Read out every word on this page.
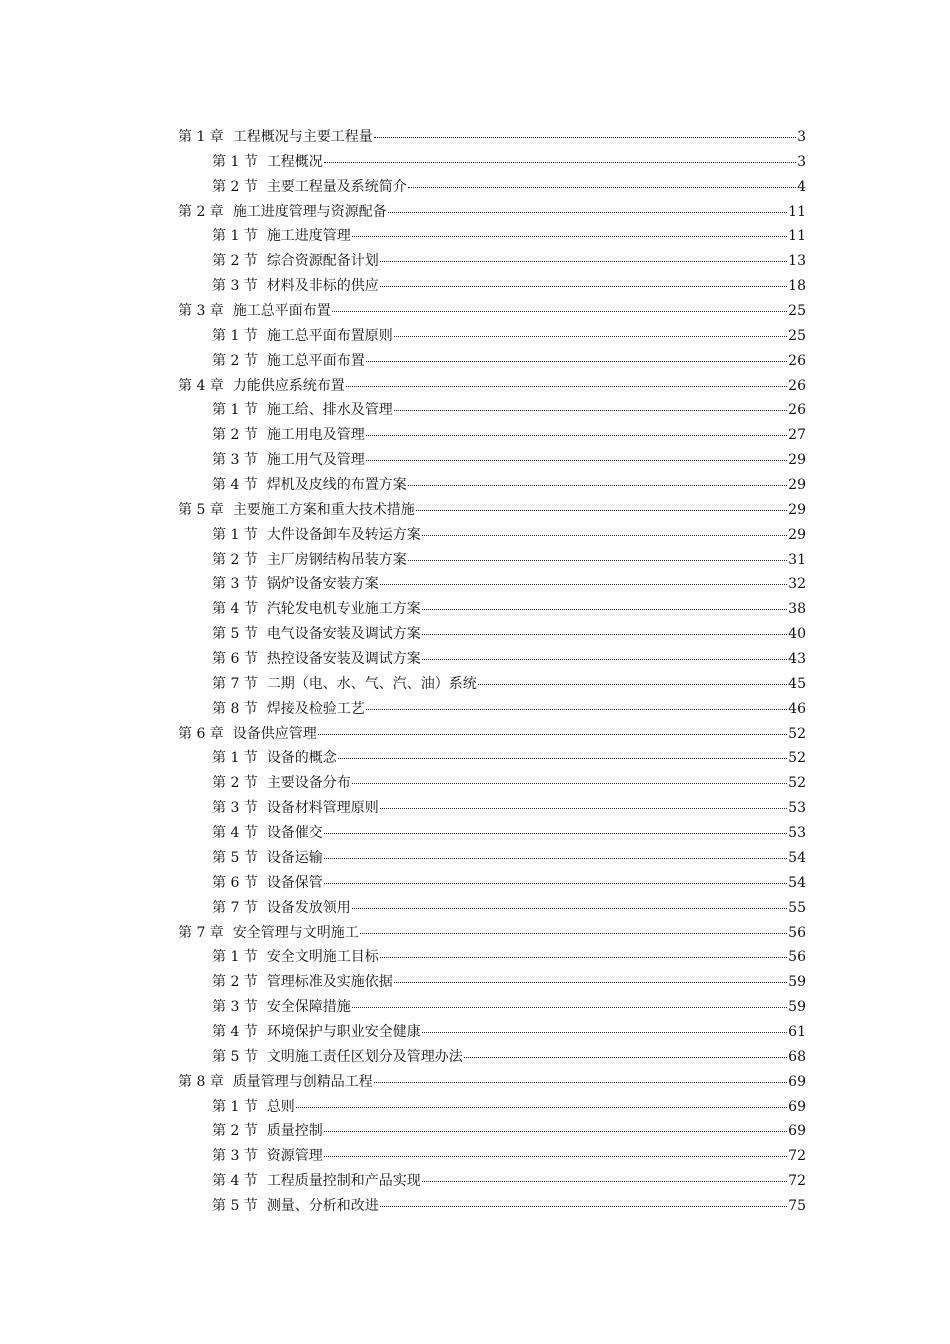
第 1 章 工程概况与主要工程量	3
第 1 节 工程概况	3
第 2 节 主要工程量及系统简介	4
第 2 章 施工进度管理与资源配备	11
第 1 节 施工进度管理	11
第 2 节 综合资源配备计划	13
第 3 节 材料及非标的供应	18
第 3 章 施工总平面布置	25
第 1 节 施工总平面布置原则	25
第 2 节 施工总平面布置	26
第 4 章 力能供应系统布置	26
第 1 节 施工给、排水及管理	26
第 2 节 施工用电及管理	27
第 3 节 施工用气及管理	29
第 4 节 焊机及皮线的布置方案	29
第 5 章 主要施工方案和重大技术措施	29
第 1 节 大件设备卸车及转运方案	29
第 2 节 主厂房钢结构吊装方案	31
第 3 节 锅炉设备安装方案	32
第 4 节 汽轮发电机专业施工方案	38
第 5 节 电气设备安装及调试方案	40
第 6 节 热控设备安装及调试方案	43
第 7 节 二期（电、水、气、汽、油）系统	45
第 8 节 焊接及检验工艺	46
第 6 章 设备供应管理	52
第 1 节 设备的概念	52
第 2 节 主要设备分布	52
第 3 节 设备材料管理原则	53
第 4 节 设备催交	53
第 5 节 设备运输	54
第 6 节 设备保管	54
第 7 节 设备发放领用	55
第 7 章 安全管理与文明施工	56
第 1 节 安全文明施工目标	56
第 2 节 管理标准及实施依据	59
第 3 节 安全保障措施	59
第 4 节 环境保护与职业安全健康	61
第 5 节 文明施工责任区划分及管理办法	68
第 8 章 质量管理与创精品工程	69
第 1 节 总则	69
第 2 节 质量控制	69
第 3 节 资源管理	72
第 4 节 工程质量控制和产品实现	72
第 5 节 测量、分析和改进	75
